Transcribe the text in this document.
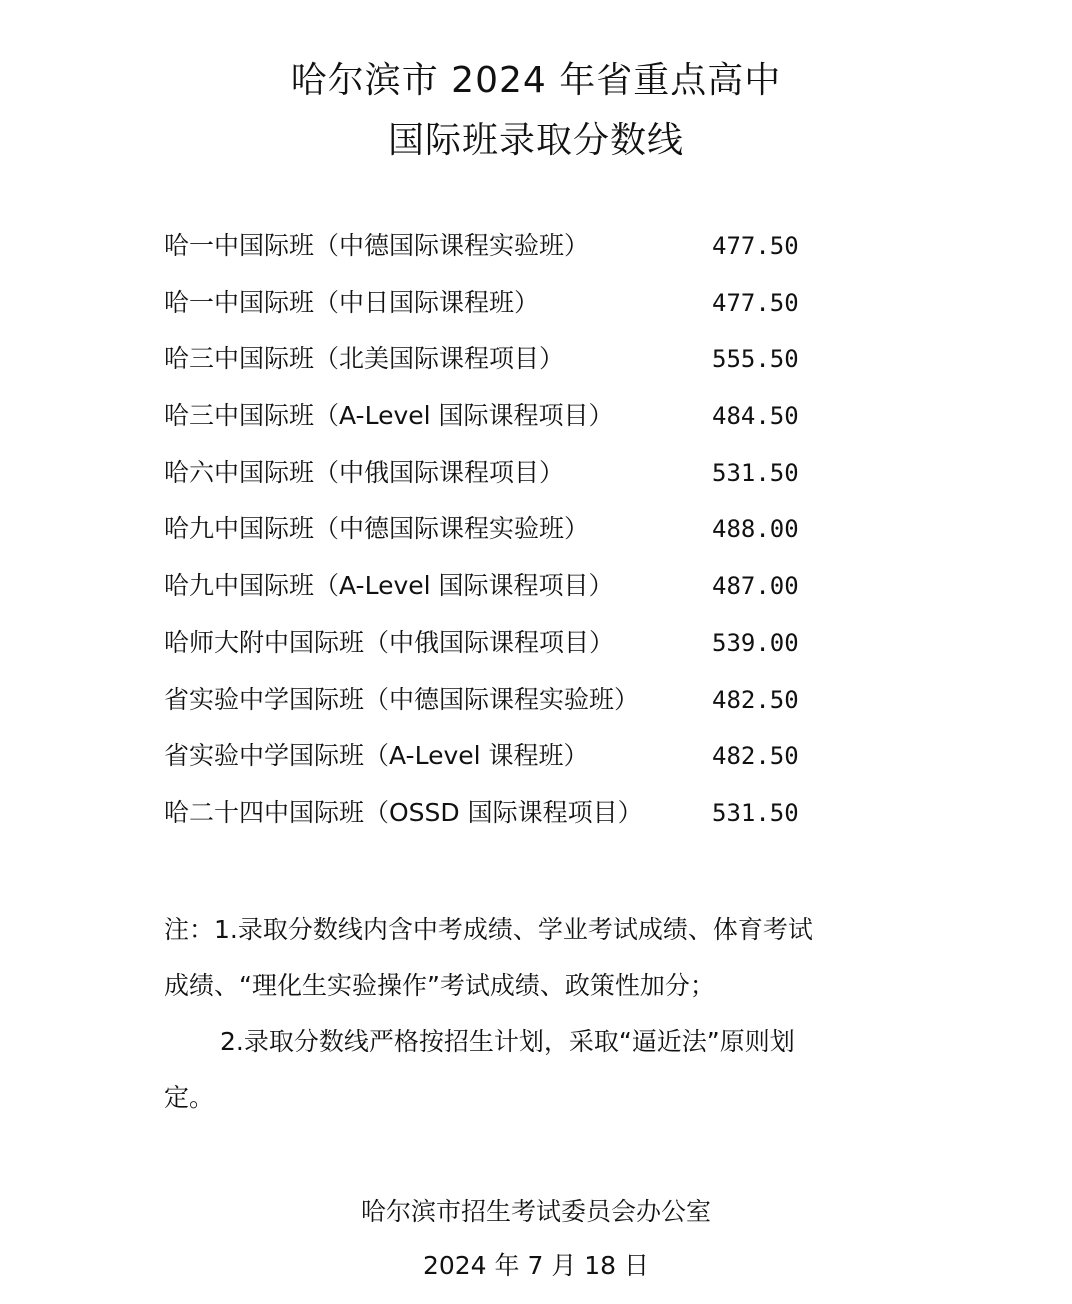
哈尔滨市 2024 年省重点高中
国际班录取分数线
哈一中国际班（中德国际课程实验班）	477.50
哈一中国际班（中日国际课程班）	477.50
哈三中国际班（北美国际课程项目）	555.50
哈三中国际班（A-Level 国际课程项目）	484.50
哈六中国际班（中俄国际课程项目）	531.50
哈九中国际班（中德国际课程实验班）	488.00
哈九中国际班（A-Level 国际课程项目）	487.00
哈师大附中国际班（中俄国际课程项目）	539.00
省实验中学国际班（中德国际课程实验班）	482.50
省实验中学国际班（A-Level 课程班）	482.50
哈二十四中国际班（OSSD 国际课程项目）	531.50
注：1.录取分数线内含中考成绩、学业考试成绩、体育考试
成绩、“理化生实验操作”考试成绩、政策性加分；
2.录取分数线严格按招生计划，采取“逼近法”原则划
定。
哈尔滨市招生考试委员会办公室
2024 年 7 月 18 日
